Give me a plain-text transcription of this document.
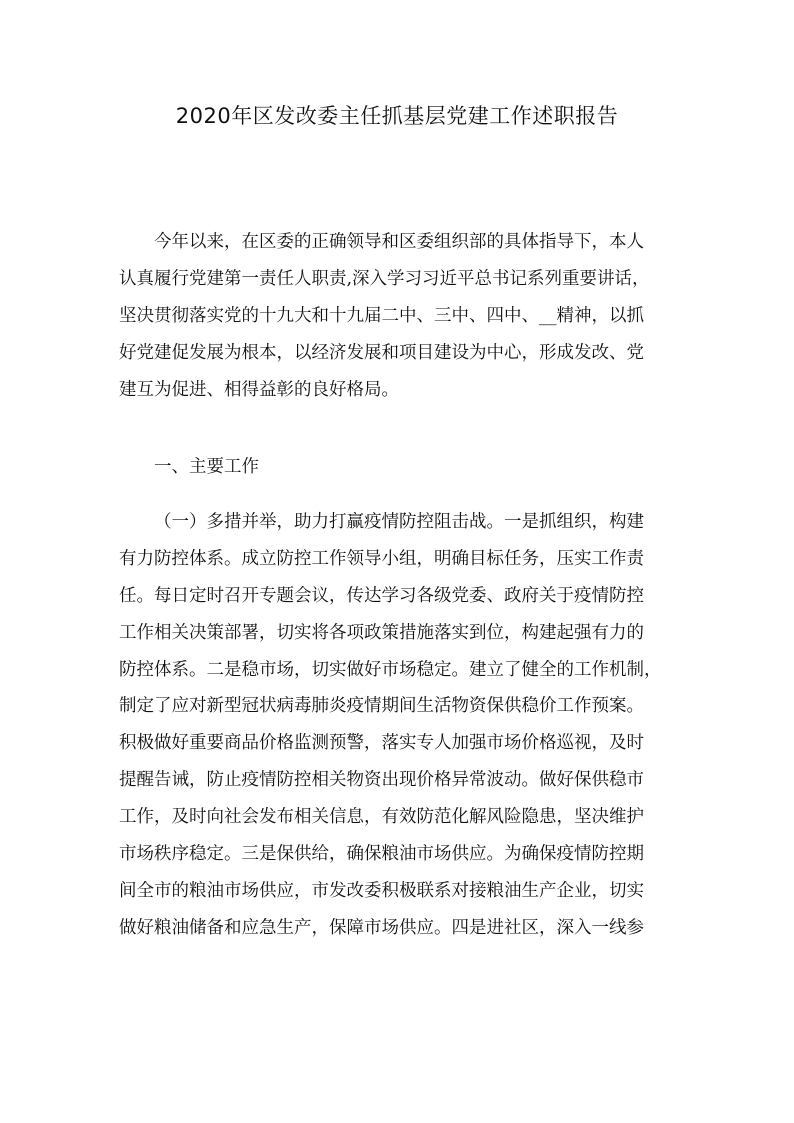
2020年区发改委主任抓基层党建工作述职报告
今年以来，在区委的正确领导和区委组织部的具体指导下，本人
认真履行党建第一责任人职责,深入学习习近平总书记系列重要讲话，
坚决贯彻落实党的十九大和十九届二中、三中、四中、__精神，以抓
好党建促发展为根本，以经济发展和项目建设为中心，形成发改、党
建互为促进、相得益彰的良好格局。
一、主要工作
（一）多措并举，助力打赢疫情防控阻击战。一是抓组织，构建
有力防控体系。成立防控工作领导小组，明确目标任务，压实工作责
任。每日定时召开专题会议，传达学习各级党委、政府关于疫情防控
工作相关决策部署，切实将各项政策措施落实到位，构建起强有力的
防控体系。二是稳市场，切实做好市场稳定。建立了健全的工作机制，
制定了应对新型冠状病毒肺炎疫情期间生活物资保供稳价工作预案。
积极做好重要商品价格监测预警，落实专人加强市场价格巡视，及时
提醒告诫，防止疫情防控相关物资出现价格异常波动。做好保供稳市
工作，及时向社会发布相关信息，有效防范化解风险隐患，坚决维护
市场秩序稳定。三是保供给，确保粮油市场供应。为确保疫情防控期
间全市的粮油市场供应，市发改委积极联系对接粮油生产企业，切实
做好粮油储备和应急生产，保障市场供应。四是进社区，深入一线参
